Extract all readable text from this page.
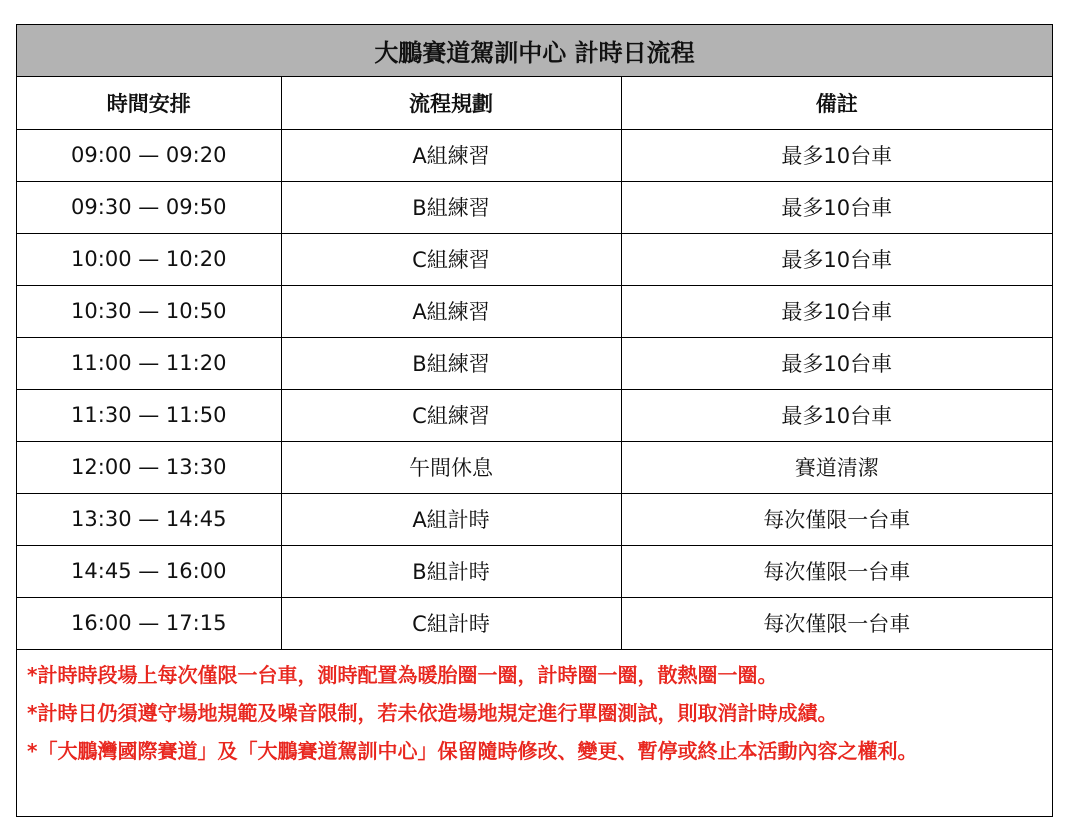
大鵬賽道駕訓中心 計時日流程
時間安排	流程規劃	備註
09:00 — 09:20	A組練習	最多10台車
09:30 — 09:50	B組練習	最多10台車
10:00 — 10:20	C組練習	最多10台車
10:30 — 10:50	A組練習	最多10台車
11:00 — 11:20	B組練習	最多10台車
11:30 — 11:50	C組練習	最多10台車
12:00 — 13:30	午間休息	賽道清潔
13:30 — 14:45	A組計時	每次僅限一台車
14:45 — 16:00	B組計時	每次僅限一台車
16:00 — 17:15	C組計時	每次僅限一台車

*計時時段場上每次僅限一台車，測時配置為暖胎圈一圈，計時圈一圈，散熱圈一圈。

*計時日仍須遵守場地規範及噪音限制，若未依造場地規定進行單圈測試，則取消計時成績。

*「大鵬灣國際賽道」及「大鵬賽道駕訓中心」保留隨時修改、變更、暫停或終止本活動內容之權利。
